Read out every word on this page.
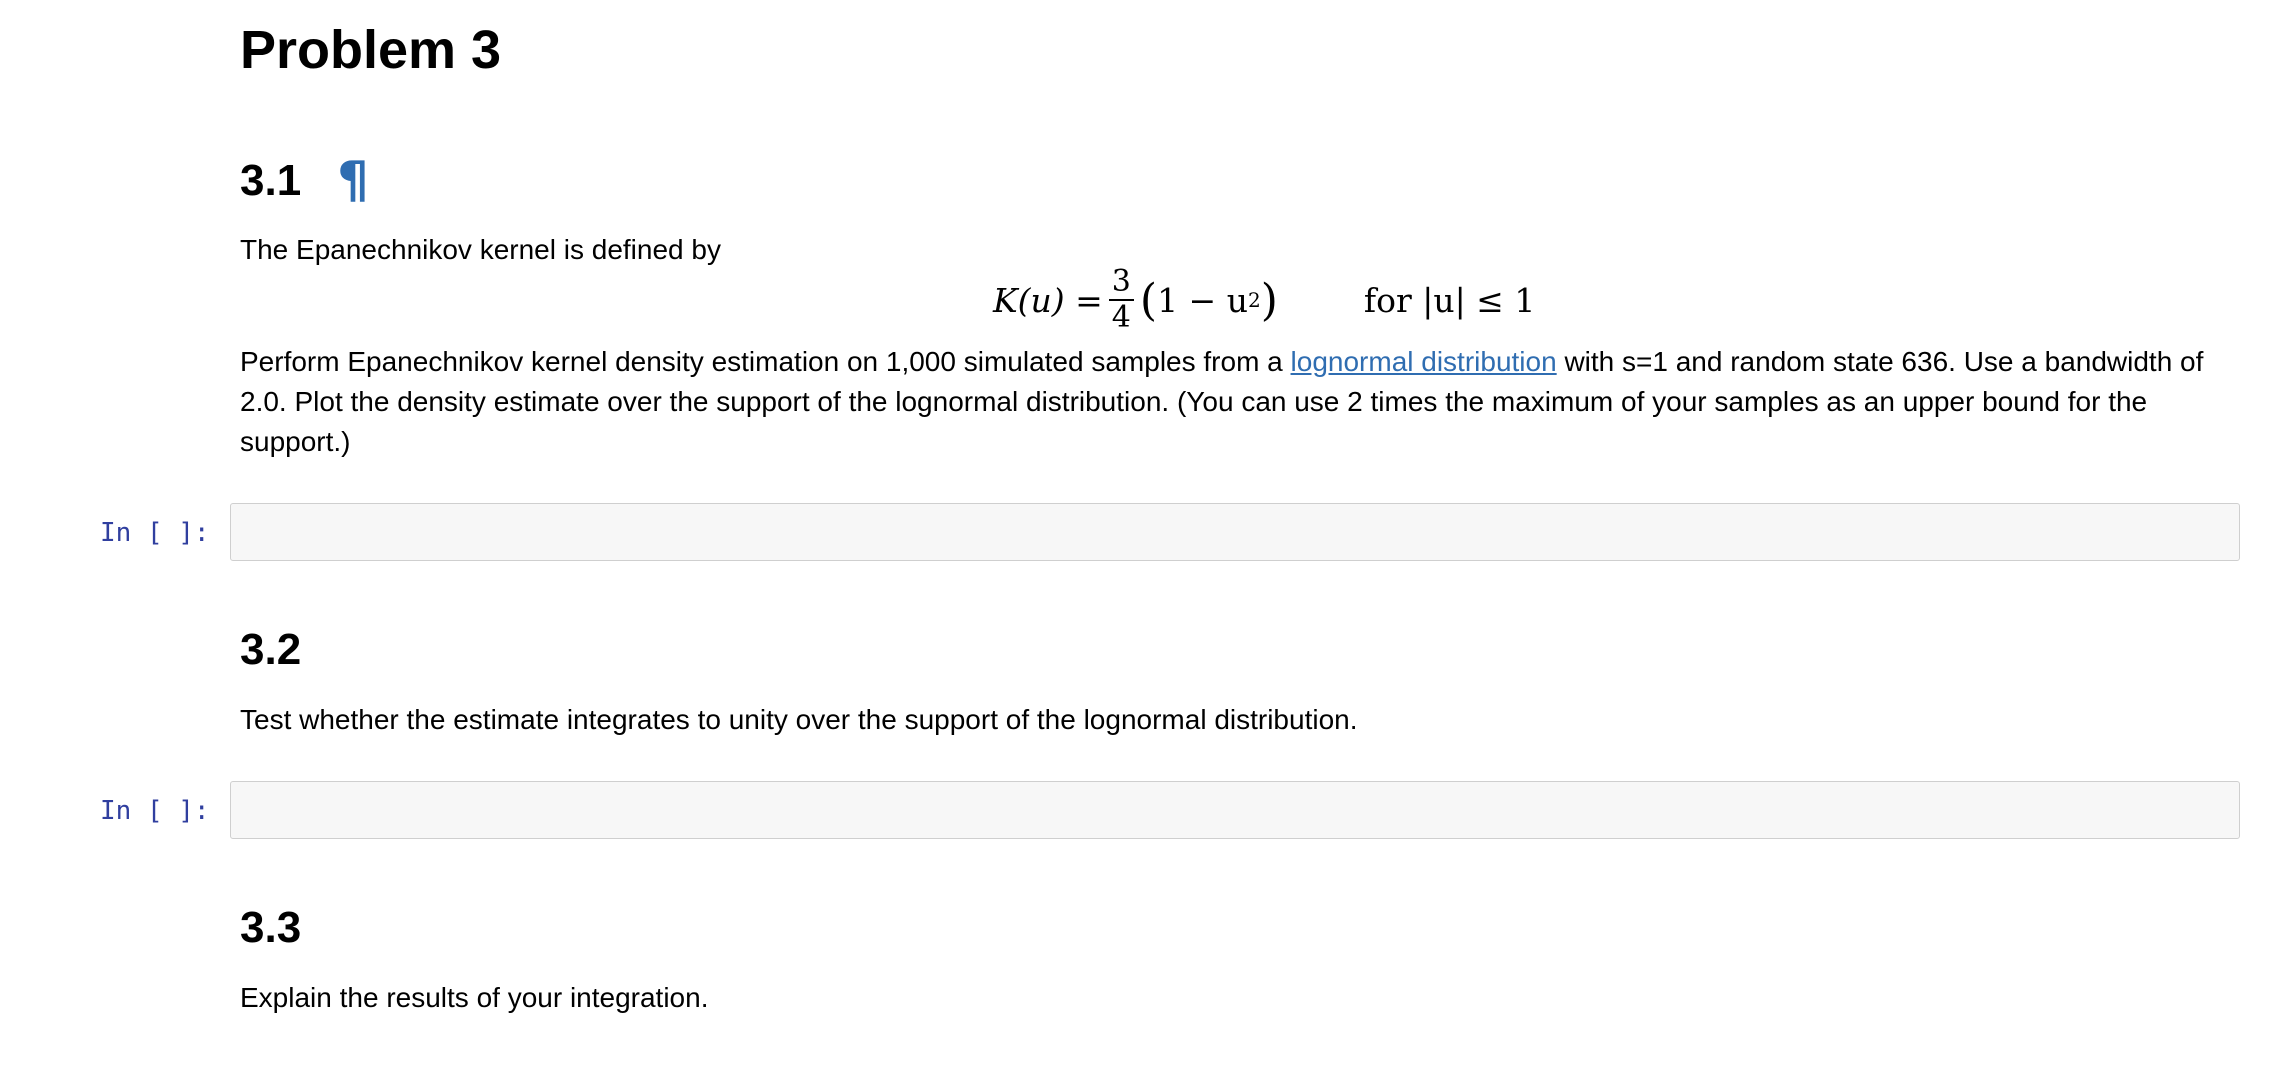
Problem 3
3.1 ¶

The Epanechnikov kernel is defined by

$K(u) = \frac{3}{4}$ ( 1 − u 2 )	for |u| ≤ 1

Perform Epanechnikov kernel density estimation on 1,000 simulated samples from a lognormal distribution with s=1 and random state 636. Use a bandwidth of 2.0. Plot the density estimate over the support of the lognormal distribution. (You can use 2 times the maximum of your samples as an upper bound for the support.)

In [ ]:
3.2

Test whether the estimate integrates to unity over the support of the lognormal distribution.

In [ ]:
3.3

Explain the results of your integration.
